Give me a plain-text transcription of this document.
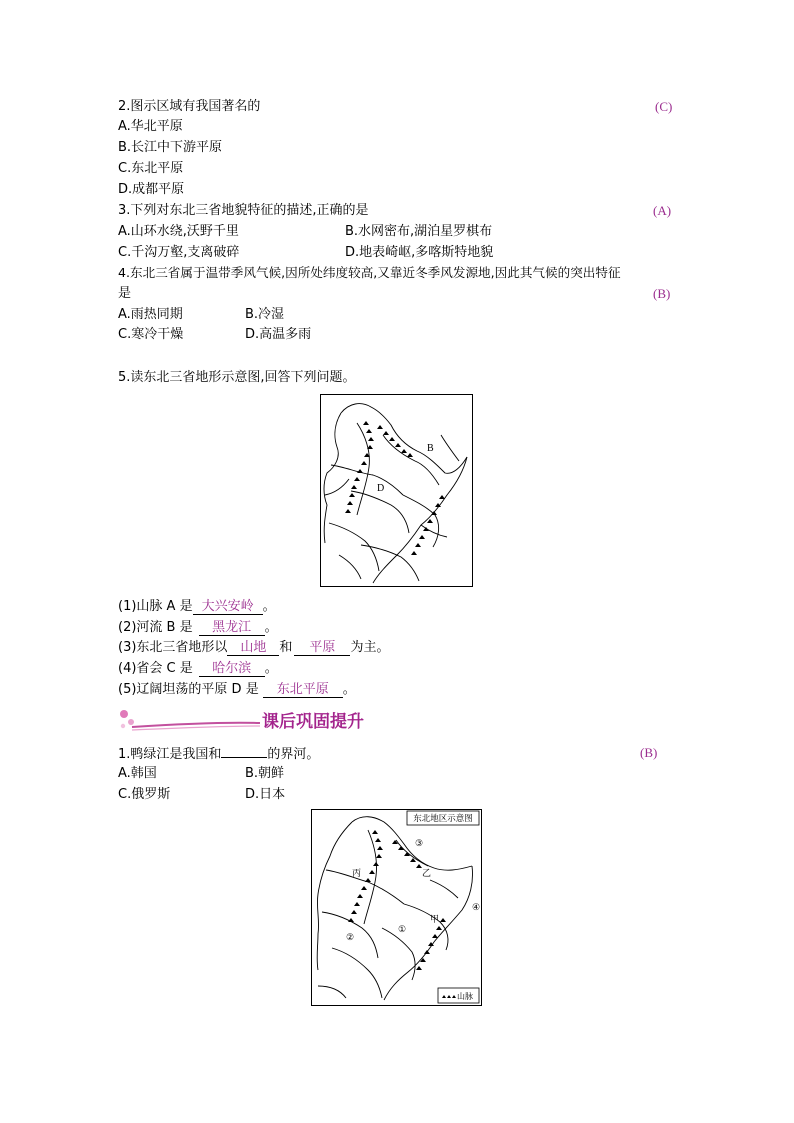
2.图示区域有我国著名的	(C)
A.华北平原
B.长江中下游平原
C.东北平原
D.成都平原
3.下列对东北三省地貌特征的描述,正确的是	(A)
A.山环水绕,沃野千里	B.水网密布,湖泊星罗棋布
C.千沟万壑,支离破碎	D.地表崎岖,多喀斯特地貌
4.东北三省属于温带季风气候,因所处纬度较高,又靠近冬季风发源地,因此其气候的突出特征
是	(B)
A.雨热同期	B.冷湿
C.寒冷干燥	D.高温多雨
5.读东北三省地形示意图,回答下列问题。
B
D
(1)山脉 A 是 大兴安岭 。
(2)河流 B 是 黑龙江 。
(3)东北三省地形以 山地 和 平原 为主。
(4)省会 C 是 哈尔滨 。
(5)辽阔坦荡的平原 D 是 东北平原 。
课后巩固提升
1.鸭绿江是我国和	的界河。	(B)
A.韩国	B.朝鲜
C.俄罗斯	D.日本
东北地区示意图
③
乙
丙
甲
④
②
①
山脉
